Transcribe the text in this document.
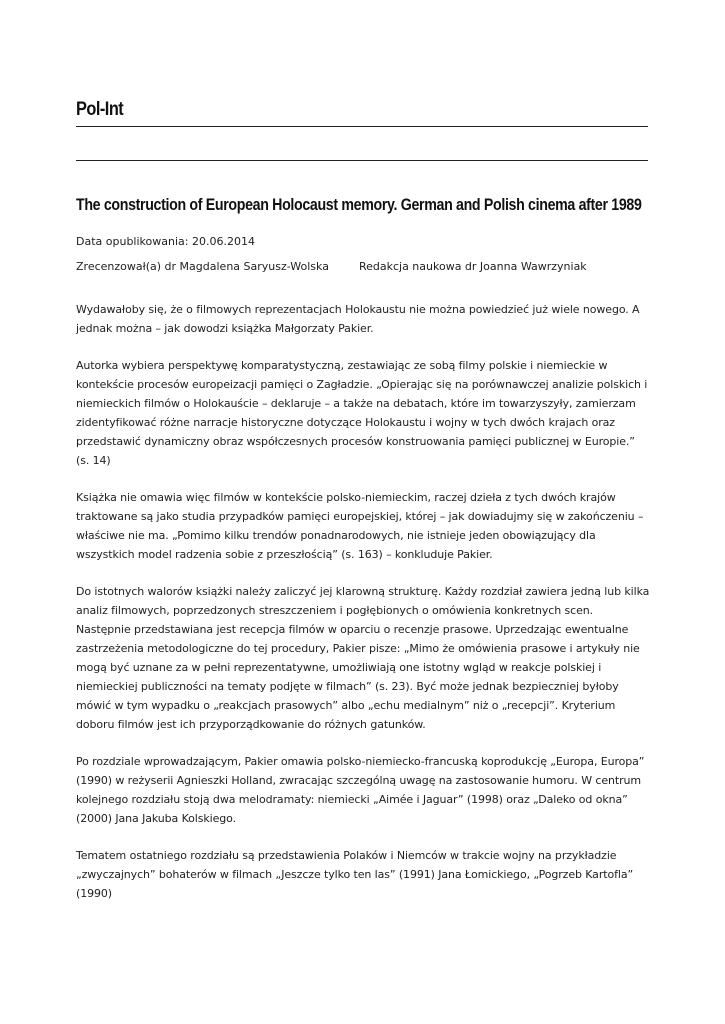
Pol-Int
The construction of European Holocaust memory. German and Polish cinema after 1989
Data opublikowania: 20.06.2014
Zrecenzował(a) dr Magdalena Saryusz-Wolska	Redakcja naukowa dr Joanna Wawrzyniak

Wydawałoby się, że o filmowych reprezentacjach Holokaustu nie można powiedzieć już wiele nowego. A jednak można – jak dowodzi książka Małgorzaty Pakier.

Autorka wybiera perspektywę komparatystyczną, zestawiając ze sobą filmy polskie i niemieckie w kontekście procesów europeizacji pamięci o Zagładzie. „Opierając się na porównawczej analizie polskich i niemieckich filmów o Holokauście – deklaruje – a także na debatach, które im towarzyszyły, zamierzam zidentyfikować różne narracje historyczne dotyczące Holokaustu i wojny w tych dwóch krajach oraz przedstawić dynamiczny obraz współczesnych procesów konstruowania pamięci publicznej w Europie.” (s. 14)

Książka nie omawia więc filmów w kontekście polsko-niemieckim, raczej dzieła z tych dwóch krajów traktowane są jako studia przypadków pamięci europejskiej, której – jak dowiadujmy się w zakończeniu – właściwe nie ma. „Pomimo kilku trendów ponadnarodowych, nie istnieje jeden obowiązujący dla wszystkich model radzenia sobie z przeszłością” (s. 163) – konkluduje Pakier.

Do istotnych walorów książki należy zaliczyć jej klarowną strukturę. Każdy rozdział zawiera jedną lub kilka analiz filmowych, poprzedzonych streszczeniem i pogłębionych o omówienia konkretnych scen. Następnie przedstawiana jest recepcja filmów w oparciu o recenzje prasowe. Uprzedzając ewentualne zastrzeżenia metodologiczne do tej procedury, Pakier pisze: „Mimo że omówienia prasowe i artykuły nie mogą być uznane za w pełni reprezentatywne, umożliwiają one istotny wgląd w reakcje polskiej i niemieckiej publiczności na tematy podjęte w filmach” (s. 23). Być może jednak bezpieczniej byłoby mówić w tym wypadku o „reakcjach prasowych” albo „echu medialnym” niż o „recepcji”. Kryterium doboru filmów jest ich przyporządkowanie do różnych gatunków.

Po rozdziale wprowadzającym, Pakier omawia polsko-niemiecko-francuską koprodukcję „Europa, Europa” (1990) w reżyserii Agnieszki Holland, zwracając szczególną uwagę na zastosowanie humoru. W centrum kolejnego rozdziału stoją dwa melodramaty: niemiecki „Aimée i Jaguar” (1998) oraz „Daleko od okna” (2000) Jana Jakuba Kolskiego.

Tematem ostatniego rozdziału są przedstawienia Polaków i Niemców w trakcie wojny na przykładzie „zwyczajnych” bohaterów w filmach „Jeszcze tylko ten las” (1991) Jana Łomickiego, „Pogrzeb Kartofla” (1990)
